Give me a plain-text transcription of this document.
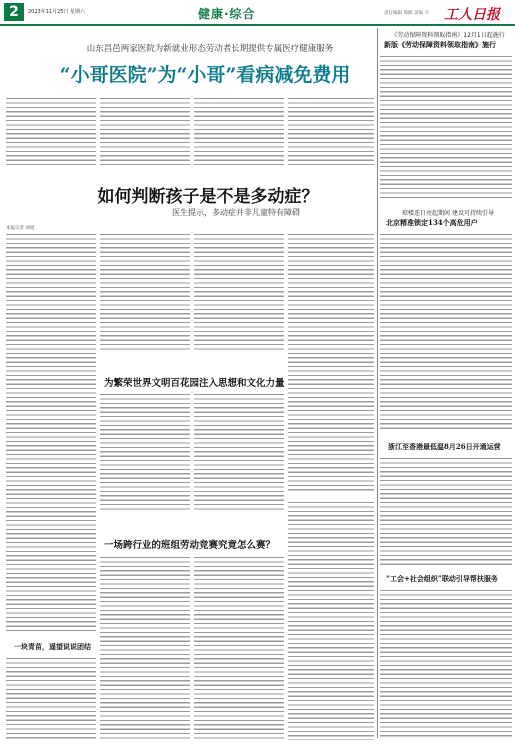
2	2023年11月25日 星期六	健康·综合	责任编辑 海鸥 美编 斗 工人日报
山东昌邑两家医院为新就业形态劳动者长期提供专属医疗健康服务
“小哥医院”为“小哥”看病减免费用
《劳动保障资料领取指南》12月1日起施行
新版《劳动保障资料领取指南》施行
如何判断孩子是不是多动症？
医生提示，多动症并非儿童特有障碍
本报记者 刘旭
琼楼连日亮起期间 建设可持续引导
北京精准锁定134个高危用户
为繁荣世界文明百花园注入思想和文化力量
一场跨行业的班组劳动竞赛究竟怎么赛？
浙江至香港最低温8月26日开通运营
“工会+社会组织”联动引导帮扶服务
一块青苗，遥望说说团结
